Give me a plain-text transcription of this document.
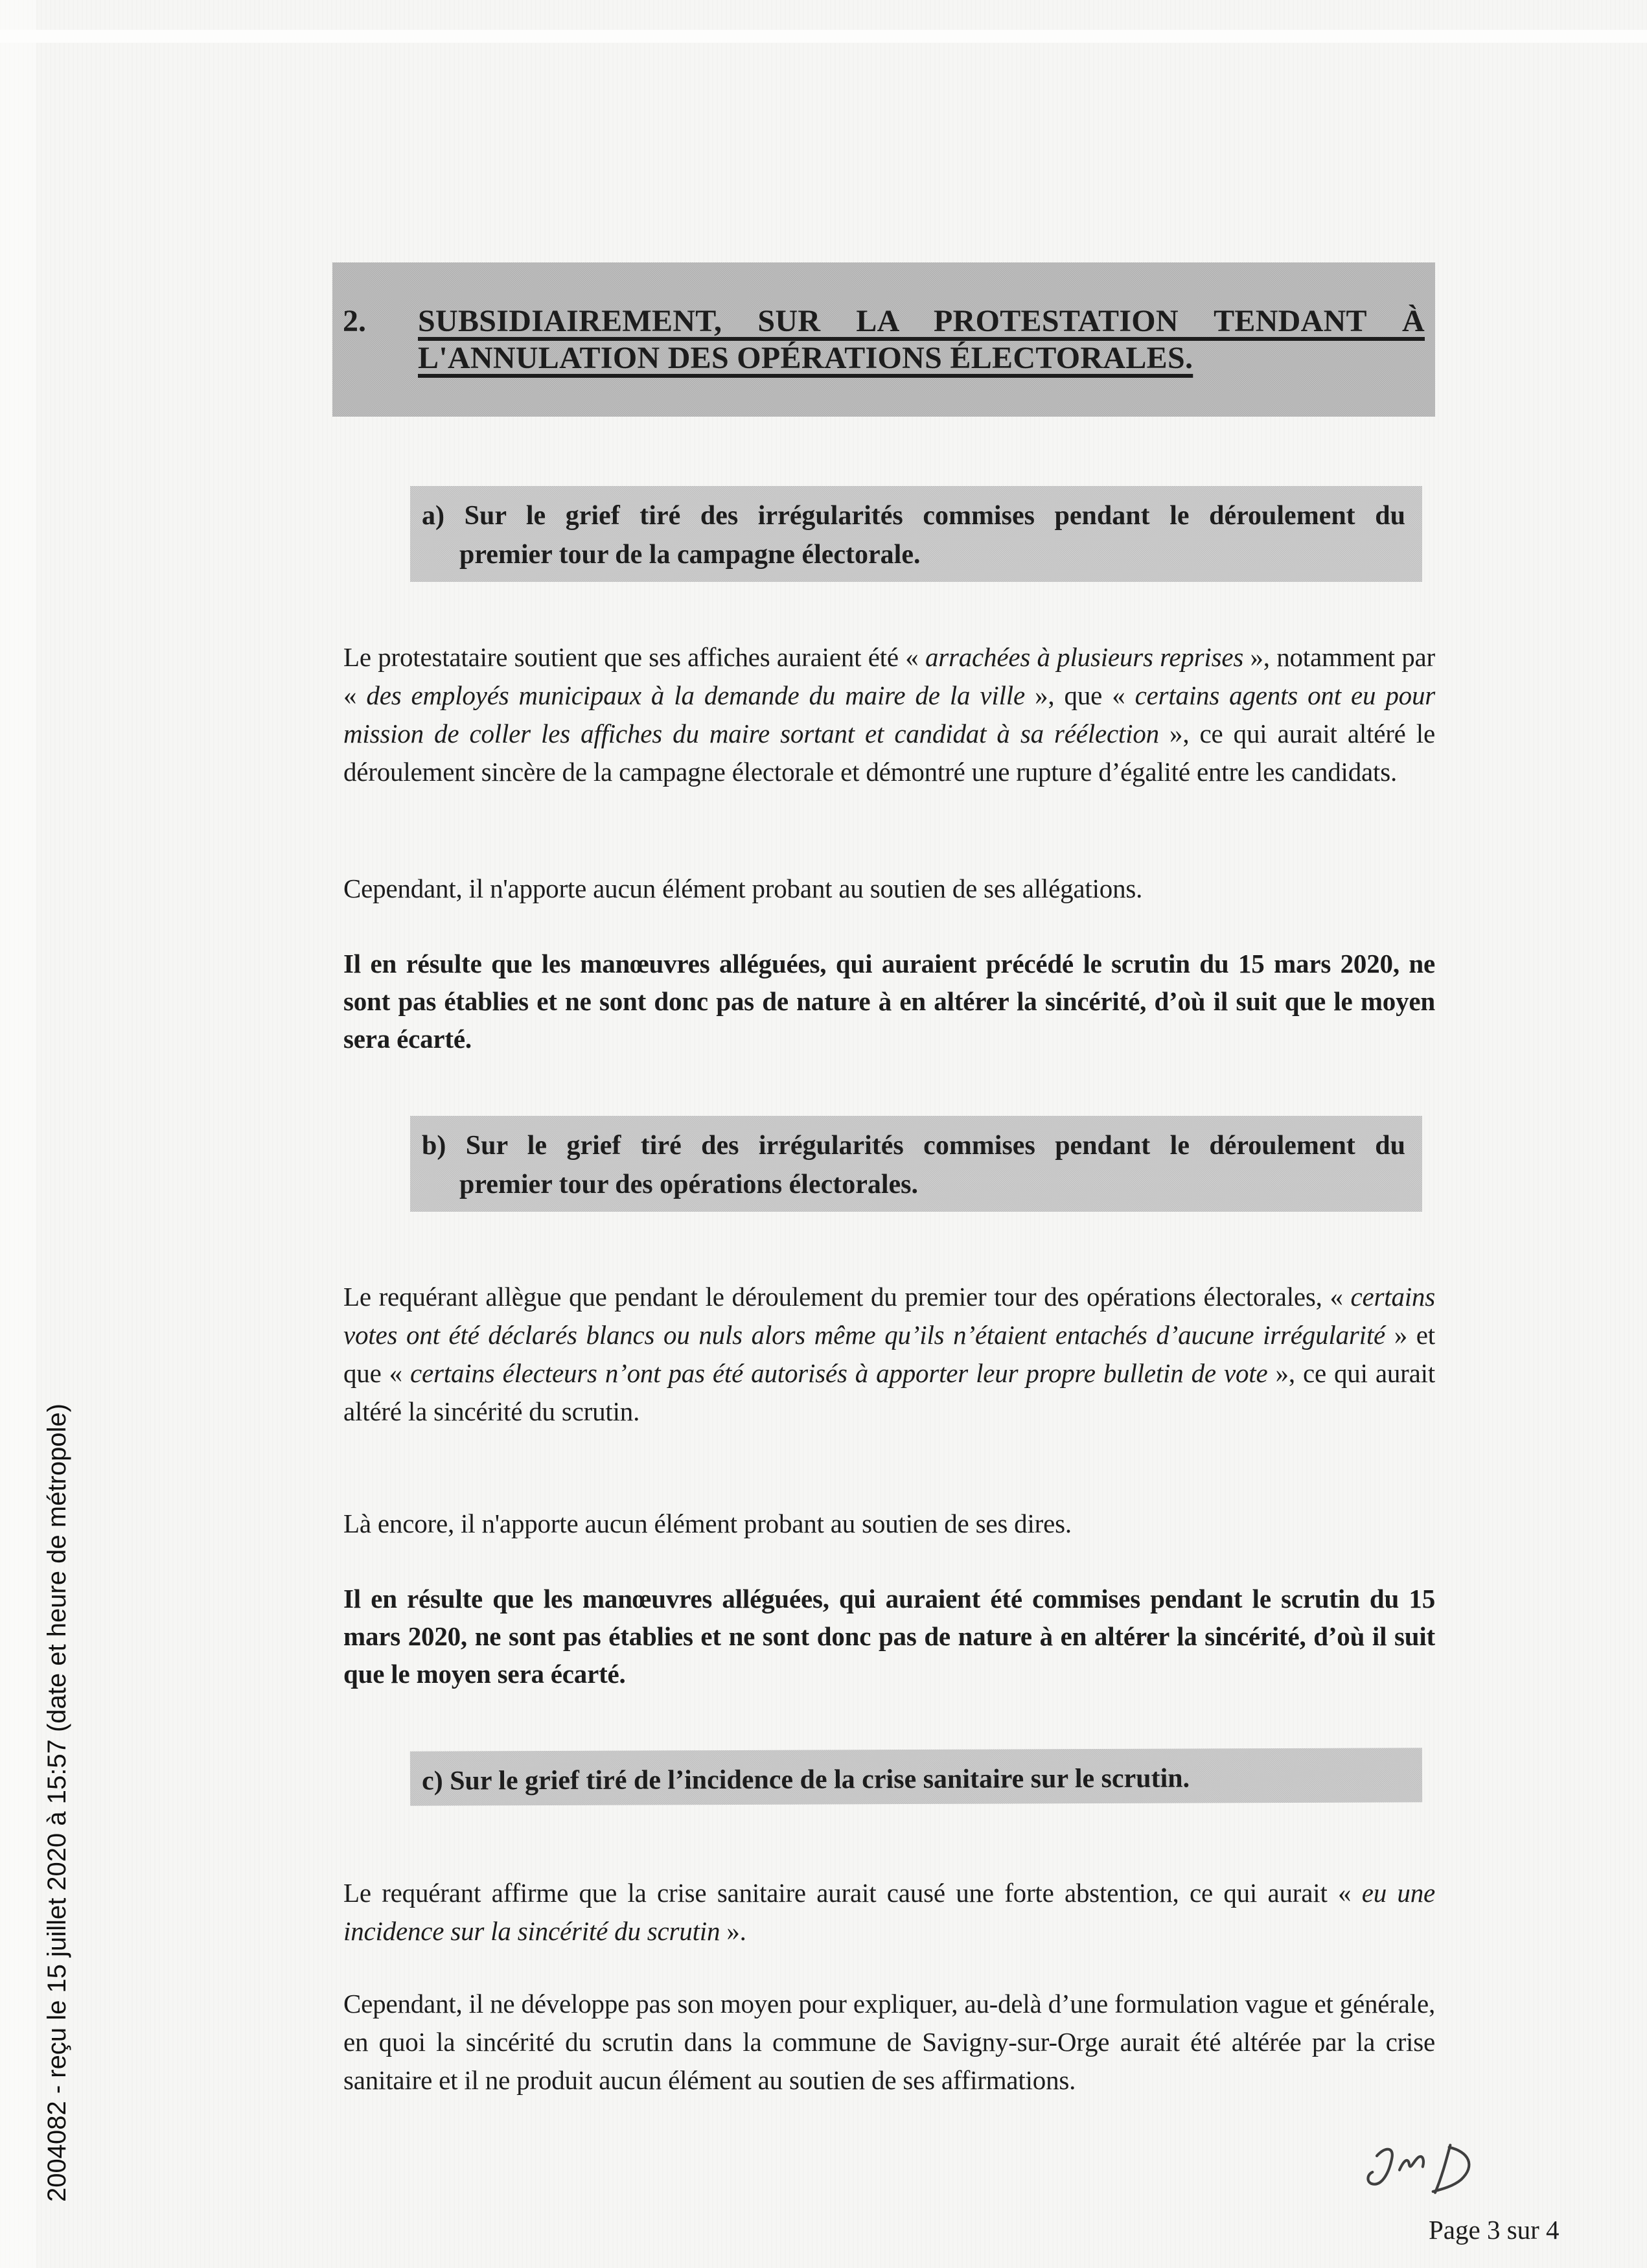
2004082 - reçu le 15 juillet 2020 à 15:57 (date et heure de métropole)
2.	SUBSIDIAIREMENT, SUR LA PROTESTATION TENDANT À
L'ANNULATION DES OPÉRATIONS ÉLECTORALES.
a) Sur le grief tiré des irrégularités commises pendant le déroulement du
premier tour de la campagne électorale.

Le protestataire soutient que ses affiches auraient été « arrachées à plusieurs reprises », notamment par « des employés municipaux à la demande du maire de la ville », que « certains agents ont eu pour mission de coller les affiches du maire sortant et candidat à sa réélection », ce qui aurait altéré le déroulement sincère de la campagne électorale et démontré une rupture d’égalité entre les candidats.

Cependant, il n'apporte aucun élément probant au soutien de ses allégations.

Il en résulte que les manœuvres alléguées, qui auraient précédé le scrutin du 15 mars 2020, ne sont pas établies et ne sont donc pas de nature à en altérer la sincérité, d’où il suit que le moyen sera écarté.

b) Sur le grief tiré des irrégularités commises pendant le déroulement du
premier tour des opérations électorales.

Le requérant allègue que pendant le déroulement du premier tour des opérations électorales, « certains votes ont été déclarés blancs ou nuls alors même qu’ils n’étaient entachés d’aucune irrégularité » et que « certains électeurs n’ont pas été autorisés à apporter leur propre bulletin de vote », ce qui aurait altéré la sincérité du scrutin.

Là encore, il n'apporte aucun élément probant au soutien de ses dires.

Il en résulte que les manœuvres alléguées, qui auraient été commises pendant le scrutin du 15 mars 2020, ne sont pas établies et ne sont donc pas de nature à en altérer la sincérité, d’où il suit que le moyen sera écarté.

c) Sur le grief tiré de l’incidence de la crise sanitaire sur le scrutin.

Le requérant affirme que la crise sanitaire aurait causé une forte abstention, ce qui aurait « eu une incidence sur la sincérité du scrutin ».

Cependant, il ne développe pas son moyen pour expliquer, au-delà d’une formulation vague et générale, en quoi la sincérité du scrutin dans la commune de Savigny-sur-Orge aurait été altérée par la crise sanitaire et il ne produit aucun élément au soutien de ses affirmations.

Page 3 sur 4
